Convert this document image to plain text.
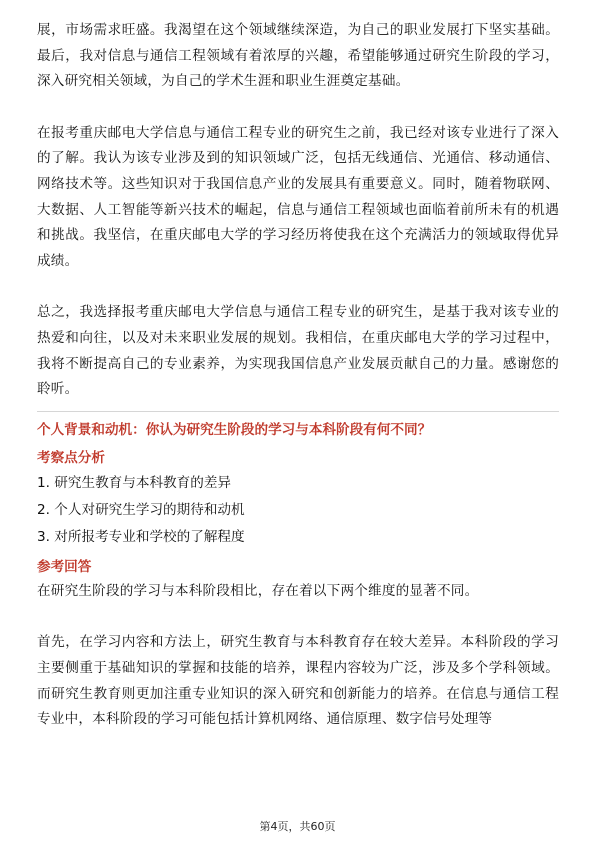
展，市场需求旺盛。我渴望在这个领域继续深造，为自己的职业发展打下坚实基础。最后，我对信息与通信工程领域有着浓厚的兴趣，希望能够通过研究生阶段的学习，深入研究相关领域，为自己的学术生涯和职业生涯奠定基础。

在报考重庆邮电大学信息与通信工程专业的研究生之前，我已经对该专业进行了深入的了解。我认为该专业涉及到的知识领域广泛，包括无线通信、光通信、移动通信、网络技术等。这些知识对于我国信息产业的发展具有重要意义。同时，随着物联网、大数据、人工智能等新兴技术的崛起，信息与通信工程领域也面临着前所未有的机遇和挑战。我坚信，在重庆邮电大学的学习经历将使我在这个充满活力的领域取得优异成绩。

总之，我选择报考重庆邮电大学信息与通信工程专业的研究生，是基于我对该专业的热爱和向往，以及对未来职业发展的规划。我相信，在重庆邮电大学的学习过程中，我将不断提高自己的专业素养，为实现我国信息产业发展贡献自己的力量。感谢您的聆听。

个人背景和动机：你认为研究生阶段的学习与本科阶段有何不同？

考察点分析

1. 研究生教育与本科教育的差异

2. 个人对研究生学习的期待和动机

3. 对所报考专业和学校的了解程度

参考回答

在研究生阶段的学习与本科阶段相比，存在着以下两个维度的显著不同。

首先，在学习内容和方法上，研究生教育与本科教育存在较大差异。本科阶段的学习主要侧重于基础知识的掌握和技能的培养，课程内容较为广泛，涉及多个学科领域。而研究生教育则更加注重专业知识的深入研究和创新能力的培养。在信息与通信工程专业中，本科阶段的学习可能包括计算机网络、通信原理、数字信号处理等

第4页，共60页
